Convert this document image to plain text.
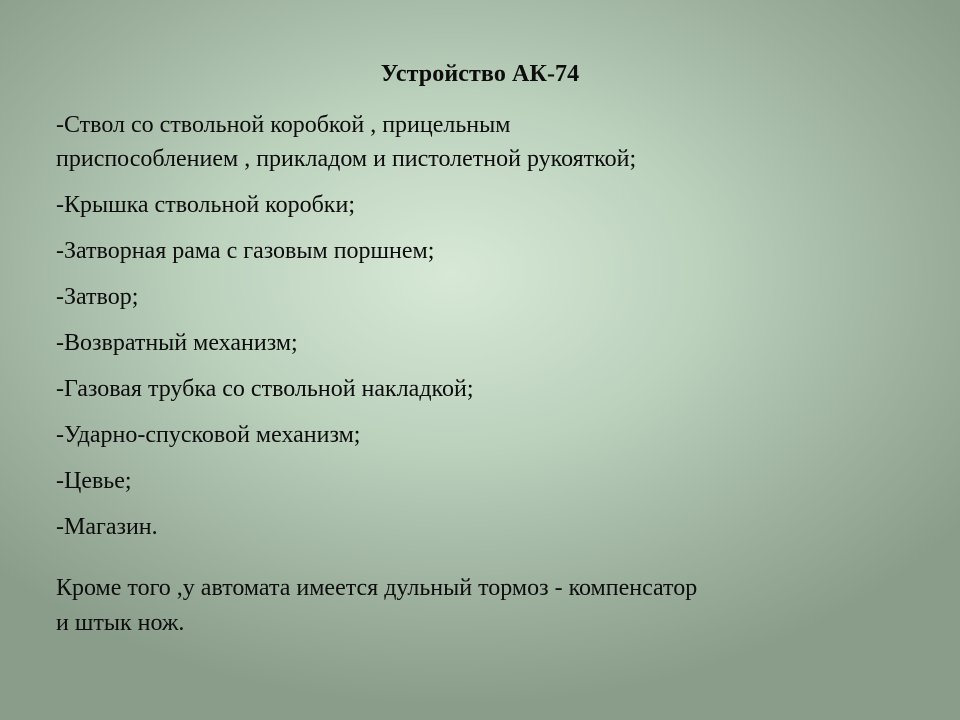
Устройство АК-74
-Ствол со ствольной коробкой , прицельным
приспособлением , прикладом и пистолетной рукояткой;
-Крышка ствольной коробки;
-Затворная рама с газовым поршнем;
-Затвор;
-Возвратный механизм;
-Газовая трубка со ствольной накладкой;
-Ударно-спусковой механизм;
-Цевье;
-Магазин.
Кроме того ,у автомата имеется дульный тормоз - компенсатор
и штык нож.
